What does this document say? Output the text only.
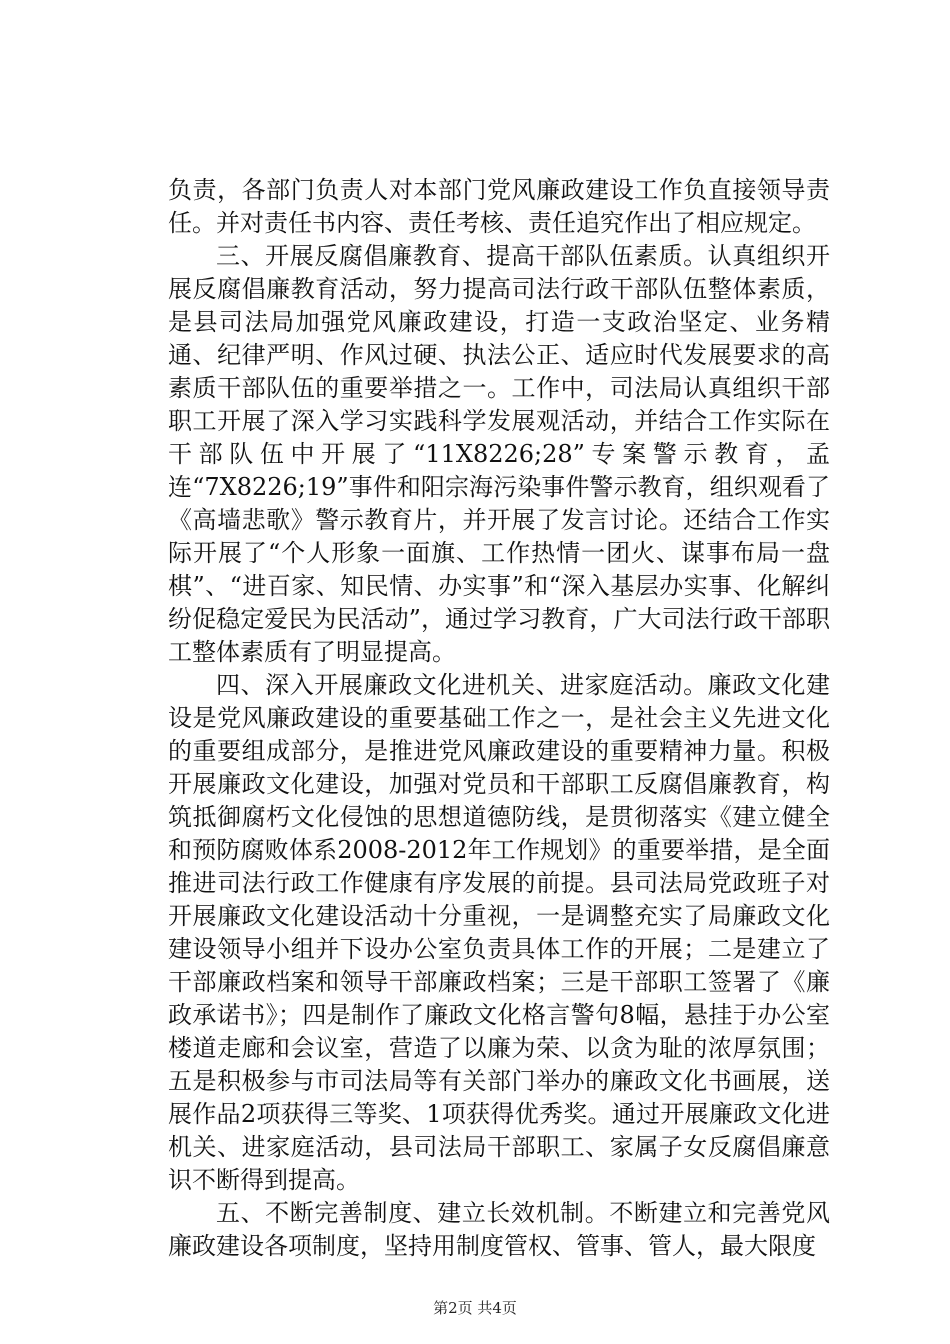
负责，各部门负责人对本部门党风廉政建设工作负直接领导责任。并对责任书内容、责任考核、责任追究作出了相应规定。

三、开展反腐倡廉教育、提高干部队伍素质。认真组织开展反腐倡廉教育活动，努力提高司法行政干部队伍整体素质，是县司法局加强党风廉政建设，打造一支政治坚定、业务精通、纪律严明、作风过硬、执法公正、适应时代发展要求的高素质干部队伍的重要举措之一。工作中，司法局认真组织干部职工开展了深入学习实践科学发展观活动，并结合工作实际在干部队伍中开展了“11X8226;28”专案警示教育，孟连“7X8226;19”事件和阳宗海污染事件警示教育，组织观看了《高墙悲歌》警示教育片，并开展了发言讨论。还结合工作实际开展了“个人形象一面旗、工作热情一团火、谋事布局一盘棋”、“进百家、知民情、办实事”和“深入基层办实事、化解纠纷促稳定爱民为民活动”，通过学习教育，广大司法行政干部职工整体素质有了明显提高。

四、深入开展廉政文化进机关、进家庭活动。廉政文化建设是党风廉政建设的重要基础工作之一，是社会主义先进文化的重要组成部分，是推进党风廉政建设的重要精神力量。积极开展廉政文化建设，加强对党员和干部职工反腐倡廉教育，构筑抵御腐朽文化侵蚀的思想道德防线，是贯彻落实《建立健全和预防腐败体系2008-2012年工作规划》的重要举措，是全面推进司法行政工作健康有序发展的前提。县司法局党政班子对开展廉政文化建设活动十分重视，一是调整充实了局廉政文化建设领导小组并下设办公室负责具体工作的开展；二是建立了干部廉政档案和领导干部廉政档案；三是干部职工签署了《廉政承诺书》；四是制作了廉政文化格言警句8幅，悬挂于办公室楼道走廊和会议室，营造了以廉为荣、以贪为耻的浓厚氛围；五是积极参与市司法局等有关部门举办的廉政文化书画展，送展作品2项获得三等奖、1项获得优秀奖。通过开展廉政文化进机关、进家庭活动，县司法局干部职工、家属子女反腐倡廉意识不断得到提高。

五、不断完善制度、建立长效机制。不断建立和完善党风廉政建设各项制度，坚持用制度管权、管事、管人，最大限度

第2页 共4页
